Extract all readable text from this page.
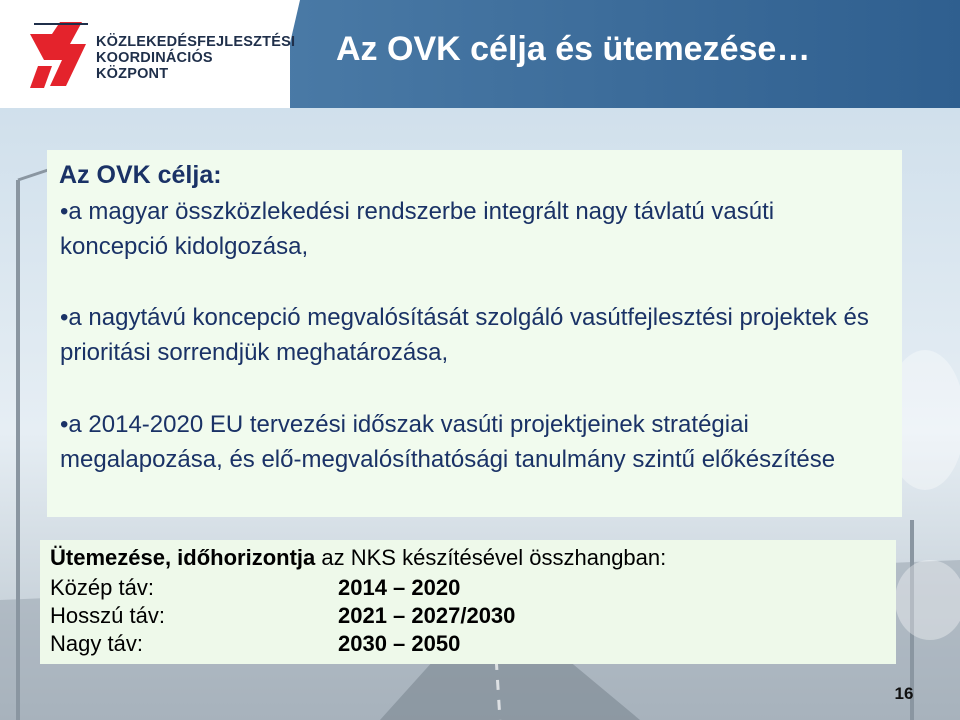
KÖZLEKEDÉSFEJLESZTÉSI
KOORDINÁCIÓS
KÖZPONT
Az OVK célja és ütemezése…
Az OVK célja:
•a magyar összközlekedési rendszerbe integrált nagy távlatú vasúti koncepció kidolgozása,
•a nagytávú koncepció megvalósítását szolgáló vasútfejlesztési projektek és prioritási sorrendjük meghatározása,
•a 2014-2020 EU tervezési időszak vasúti projektjeinek stratégiai megalapozása, és elő-megvalósíthatósági tanulmány szintű előkészítése
Ütemezése, időhorizontja az NKS készítésével összhangban:
Közép táv:	2014 – 2020
Hosszú táv:	2021 – 2027/2030
Nagy táv:	2030 – 2050
16
